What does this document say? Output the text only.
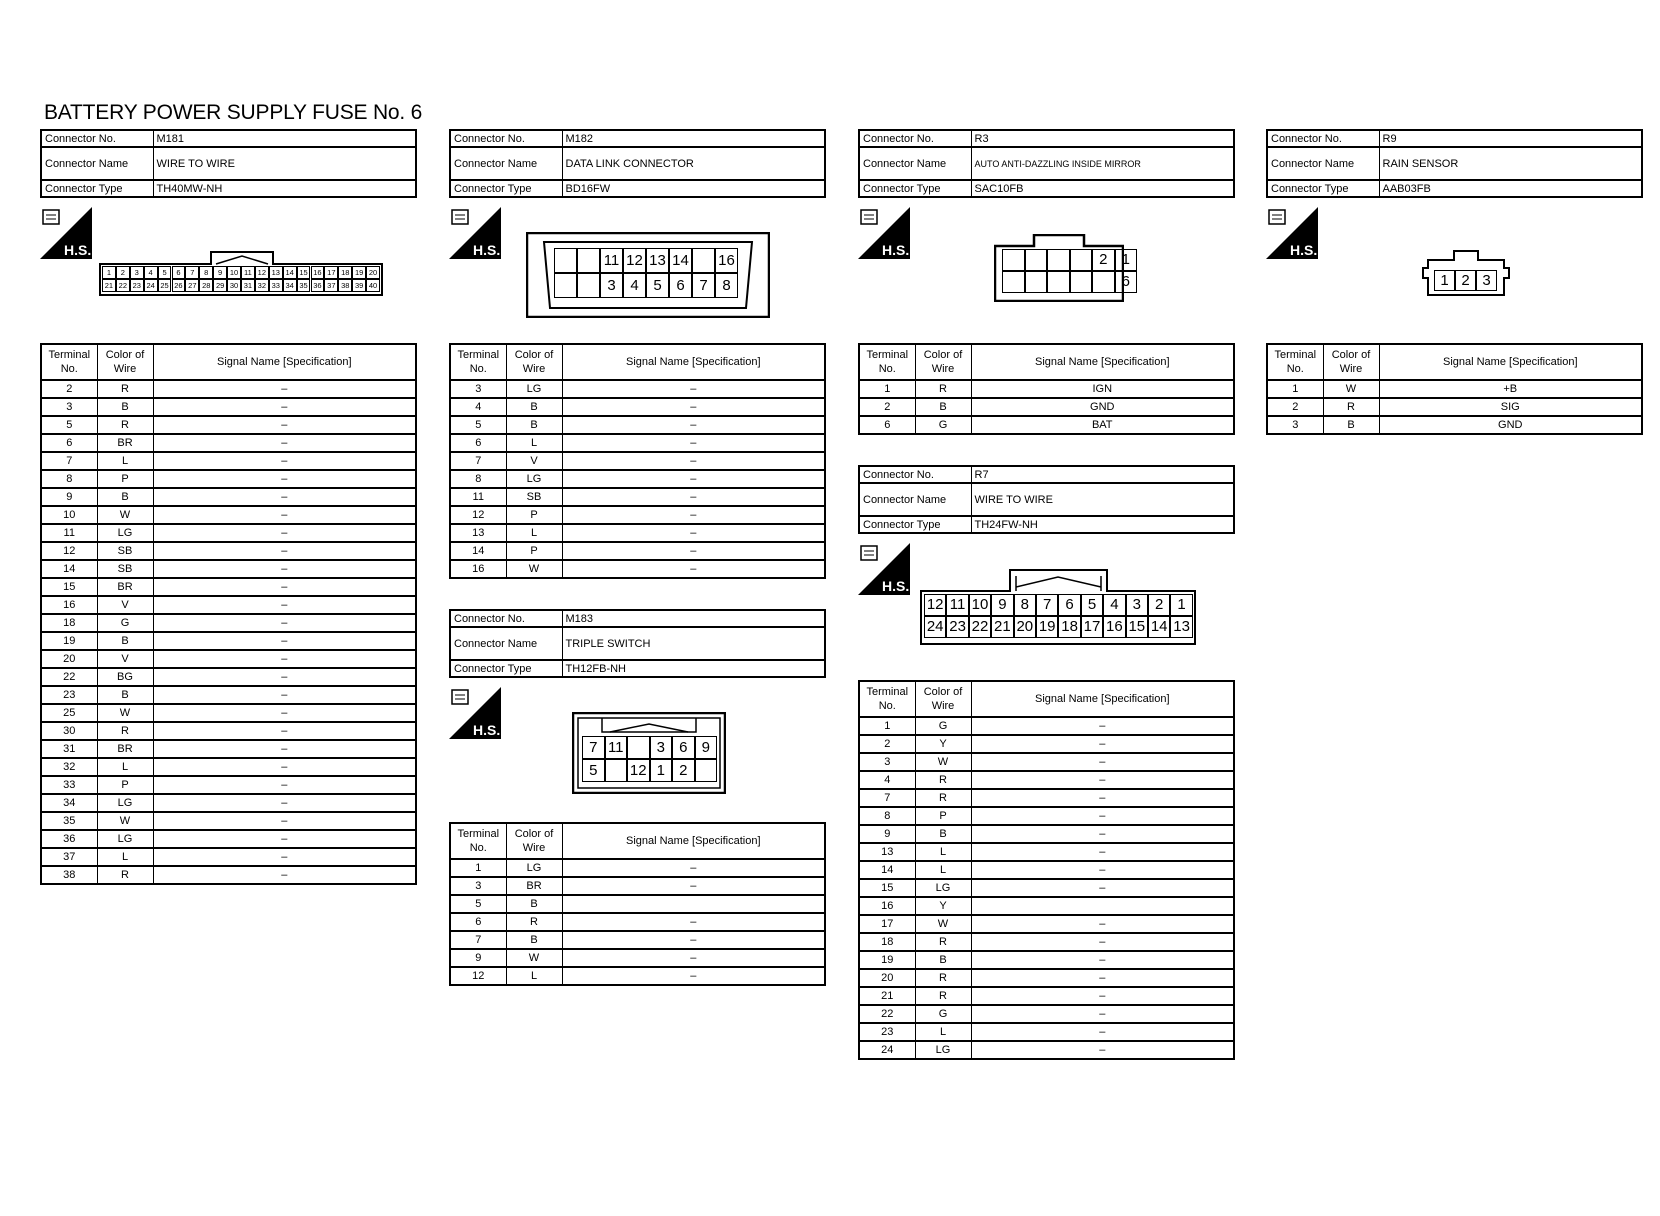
BATTERY POWER SUPPLY FUSE No. 6
Connector No.	M181
Connector Name	WIRE TO WIRE
Connector Type	TH40MW-NH
H.S.
1	2	3	4	5	6	7	8	9	10 11 12 13 14 15 16 17 18 19 20
21 22 23 24 25 26 27 28 29 30 31 32 33 34 35 36 37 38 39 40
Terminal No.	Color of Wire	Signal Name [Specification]
2	R	–
3	B	–
5	R	–
6	BR	–
7	L	–
8	P	–
9	B	–
10	W	–
11	LG	–
12	SB	–
14	SB	–
15	BR	–
16	V	–
18	G	–
19	B	–
20	V	–
22	BG	–
23	B	–
25	W	–
30	R	–
31	BR	–
32	L	–
33	P	–
34	LG	–
35	W	–
36	LG	–
37	L	–
38	R	–
Connector No.	M182
Connector Name	DATA LINK CONNECTOR
Connector Type	BD16FW
H.S.
11 12 13 14 16
3 4 5 6 7 8
Terminal No.	Color of Wire	Signal Name [Specification]
3	LG	–
4	B	–
5	B	–
6	L	–
7	V	–
8	LG	–
11	SB	–
12	P	–
13	L	–
14	P	–
16	W	–
Connector No.	M183
Connector Name	TRIPLE SWITCH
Connector Type	TH12FB-NH
H.S.
7 11	3 6 9
5	12 1 2
Terminal No.	Color of Wire	Signal Name [Specification]
1	LG	–
3	BR	–
5	B	
6	R	–
7	B	–
9	W	–
12	L	–
Connector No.	R3
Connector Name	AUTO ANTI-DAZZLING INSIDE MIRROR
Connector Type	SAC10FB
H.S.
2 1
6
Terminal No.	Color of Wire	Signal Name [Specification]
1	R	IGN
2	B	GND
6	G	BAT
Connector No.	R7
Connector Name	WIRE TO WIRE
Connector Type	TH24FW-NH
H.S.
12 11 10 9 8 7 6 5 4 3 2 1
24 23 22 21 20 19 18 17 16 15 14 13
Terminal No.	Color of Wire	Signal Name [Specification]
1	G	–
2	Y	–
3	W	–
4	R	–
7	R	–
8	P	–
9	B	–
13	L	–
14	L	–
15	LG	–
16	Y	
17	W	–
18	R	–
19	B	–
20	R	–
21	R	–
22	G	–
23	L	–
24	LG	–
Connector No.	R9
Connector Name	RAIN SENSOR
Connector Type	AAB03FB
H.S.
1 2 3
Terminal No.	Color of Wire	Signal Name [Specification]
1	W	+B
2	R	SIG
3	B	GND
